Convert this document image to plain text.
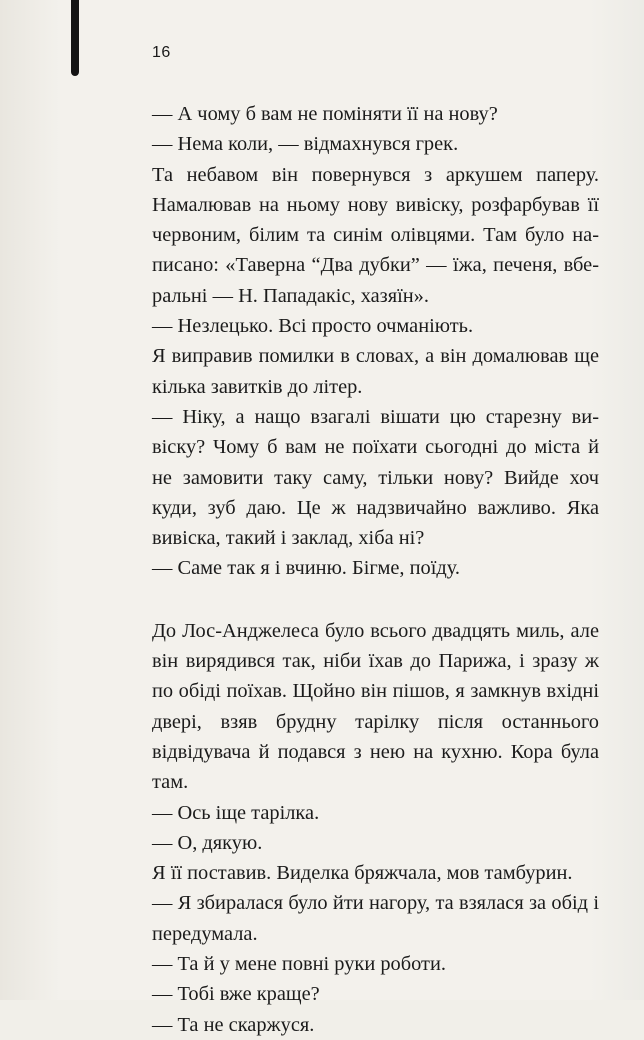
16

— А чому б вам не поміняти її на нову?

— Нема коли, — відмахнувся грек.

Та небавом він повернувся з аркушем паперу. Намалював на ньому нову вивіску, розфарбував її червоним, білим та синім олівцями. Там було написано: «Таверна “Два дубки” — їжа, печеня, вберальні — Н. Пападакіс, хазяїн».

— Незлецько. Всі просто очманіють.

Я виправив помилки в словах, а він домалював ще кілька завитків до літер.

— Ніку, а нащо взагалі вішати цю старезну вивіску? Чому б вам не поїхати сьогодні до міста й не замовити таку саму, тільки нову? Вийде хоч куди, зуб даю. Це ж надзвичайно важливо. Яка вивіска, такий і заклад, хіба ні?

— Саме так я і вчиню. Бігме, поїду.

До Лос-Анджелеса було всього двадцять миль, але він вирядився так, ніби їхав до Парижа, і зразу ж по обіді поїхав. Щойно він пішов, я замкнув вхідні двері, взяв брудну тарілку після останнього відвідувача й подався з нею на кухню. Кора була там.

— Ось іще тарілка.

— О, дякую.

Я її поставив. Виделка бряжчала, мов тамбурин.

— Я збиралася було йти нагору, та взялася за обід і передумала.

— Та й у мене повні руки роботи.

— Тобі вже краще?

— Та не скаржуся.
